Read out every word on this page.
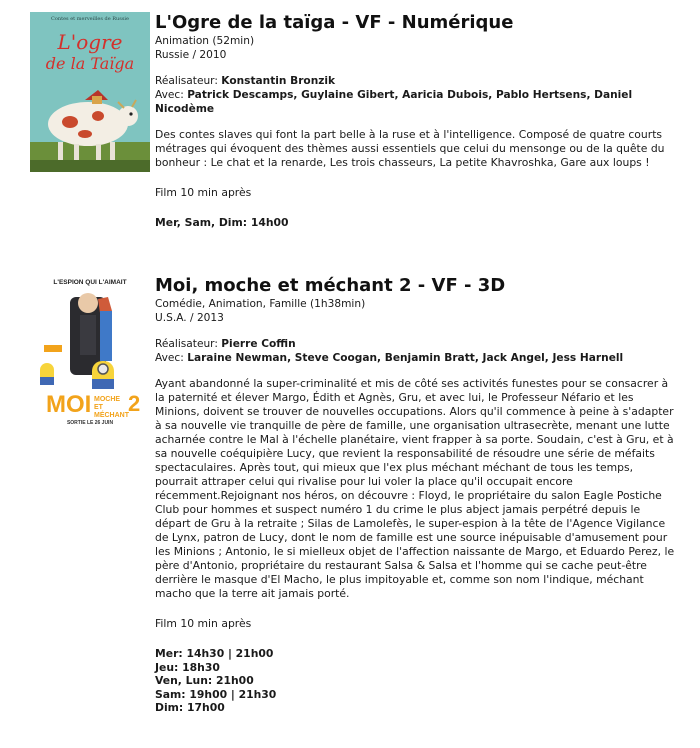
Contes et merveilles de Russie
L'ogre
de la Taïga
L'Ogre de la taïga - VF - Numérique
Animation (52min)
Russie / 2010
Réalisateur: Konstantin Bronzik
Avec: Patrick Descamps, Guylaine Gibert, Aaricia Dubois, Pablo Hertsens, Daniel Nicodème
Des contes slaves qui font la part belle à la ruse et à l'intelligence. Composé de quatre courts métrages qui évoquent des thèmes aussi essentiels que celui du mensonge ou de la quête du bonheur : Le chat et la renarde, Les trois chasseurs, La petite Khavroshka, Gare aux loups !
Film 10 min après
Mer, Sam, Dim: 14h00
L'ESPION QUI L'AIMAIT
MOI MOCHE ET MÉCHANT 2
SORTIE LE 26 JUIN
Moi, moche et méchant 2 - VF - 3D
Comédie, Animation, Famille (1h38min)
U.S.A. / 2013
Réalisateur: Pierre Coffin
Avec: Laraine Newman, Steve Coogan, Benjamin Bratt, Jack Angel, Jess Harnell
Ayant abandonné la super-criminalité et mis de côté ses activités funestes pour se consacrer à la paternité et élever Margo, Édith et Agnès, Gru, et avec lui, le Professeur Néfario et les Minions, doivent se trouver de nouvelles occupations. Alors qu'il commence à peine à s'adapter à sa nouvelle vie tranquille de père de famille, une organisation ultrasecrète, menant une lutte acharnée contre le Mal à l'échelle planétaire, vient frapper à sa porte. Soudain, c'est à Gru, et à sa nouvelle coéquipière Lucy, que revient la responsabilité de résoudre une série de méfaits spectaculaires. Après tout, qui mieux que l'ex plus méchant méchant de tous les temps, pourrait attraper celui qui rivalise pour lui voler la place qu'il occupait encore récemment.Rejoignant nos héros, on découvre : Floyd, le propriétaire du salon Eagle Postiche Club pour hommes et suspect numéro 1 du crime le plus abject jamais perpétré depuis le départ de Gru à la retraite ; Silas de Lamolefès, le super-espion à la tête de l'Agence Vigilance de Lynx, patron de Lucy, dont le nom de famille est une source inépuisable d'amusement pour les Minions ; Antonio, le si mielleux objet de l'affection naissante de Margo, et Eduardo Perez, le père d'Antonio, propriétaire du restaurant Salsa & Salsa et l'homme qui se cache peut-être derrière le masque d'El Macho, le plus impitoyable et, comme son nom l'indique, méchant macho que la terre ait jamais porté.
Film 10 min après
Mer: 14h30 | 21h00
Jeu: 18h30
Ven, Lun: 21h00
Sam: 19h00 | 21h30
Dim: 17h00
